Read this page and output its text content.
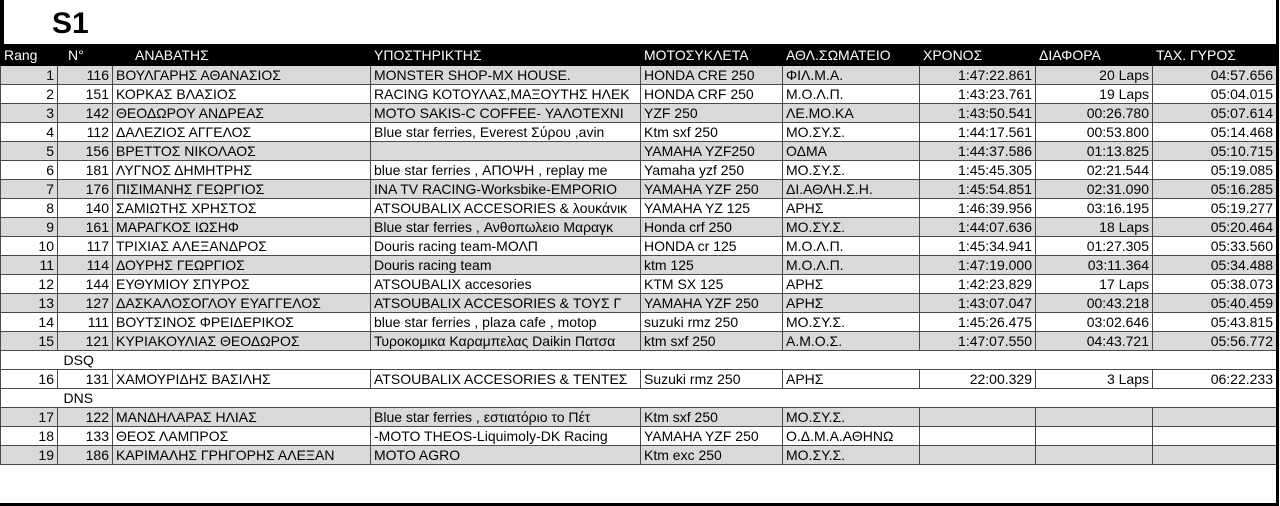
S1
Rang	N°	ΑΝΑΒΑΤΗΣ	ΥΠΟΣΤΗΡΙΚΤΗΣ	ΜΟΤΟΣΥΚΛΕΤΑ	ΑΘΛ.ΣΩΜΑΤΕΙΟ	ΧΡΟΝΟΣ	ΔΙΑΦΟΡΑ	ΤΑΧ. ΓΥΡΟΣ
1	116	ΒΟΥΛΓΑΡΗΣ ΑΘΑΝΑΣΙΟΣ	MONSTER SHOP-MX HOUSE.	HONDA CRE 250	ΦΙΛ.Μ.Α.	1:47:22.861	20 Laps	04:57.656
2	151	ΚΟΡΚΑΣ ΒΛΑΣΙΟΣ	RACING ΚΟΤΟΥΛΑΣ,ΜΑΞΟΥΤΗΣ ΗΛΕΚ	HONDA CRF 250	Μ.Ο.Λ.Π.	1:43:23.761	19 Laps	05:04.015
3	142	ΘΕΟΔΩΡΟΥ ΑΝΔΡΕΑΣ	MOTO SAKIS-C COFFEE- ΥΑΛΟΤΕΧΝΙ	YZF 250	ΛΕ.ΜΟ.ΚΑ	1:43:50.541	00:26.780	05:07.614
4	112	ΔΑΛΕΖΙΟΣ ΑΓΓΕΛΟΣ	Blue star ferries, Everest Σύρου ,avin	Ktm sxf 250	ΜΟ.ΣΥ.Σ.	1:44:17.561	00:53.800	05:14.468
5	156	ΒΡΕΤΤΟΣ ΝΙΚΟΛΑΟΣ		YAMAHA YZF250	ΟΔΜΑ	1:44:37.586	01:13.825	05:10.715
6	181	ΛΥΓΝΟΣ ΔΗΜΗΤΡΗΣ	blue star ferries , ΑΠΟΨΗ , replay me	Yamaha yzf 250	ΜΟ.ΣΥ.Σ.	1:45:45.305	02:21.544	05:19.085
7	176	ΠΙΣΙΜΑΝΗΣ ΓΕΩΡΓΙΟΣ	INA TV RACING-Worksbike-EMPORIO	YAMAHA YZF 250	ΔΙ.ΑΘΛΗ.Σ.Η.	1:45:54.851	02:31.090	05:16.285
8	140	ΣΑΜΙΩΤΗΣ ΧΡΗΣΤΟΣ	ATSOUBALIX ACCESORIES & λουκάνικ	YAMAHA YZ 125	ΑΡΗΣ	1:46:39.956	03:16.195	05:19.277
9	161	ΜΑΡΑΓΚΟΣ ΙΩΣΗΦ	Blue star ferries , Ανθοπωλειο Μαραγκ	Honda crf 250	ΜΟ.ΣΥ.Σ.	1:44:07.636	18 Laps	05:20.464
10	117	ΤΡΙΧΙΑΣ ΑΛΕΞΑΝΔΡΟΣ	Douris racing team-ΜΟΛΠ	HONDA cr 125	Μ.Ο.Λ.Π.	1:45:34.941	01:27.305	05:33.560
11	114	ΔΟΥΡΗΣ ΓΕΩΡΓΙΟΣ	Douris racing team	ktm 125	Μ.Ο.Λ.Π.	1:47:19.000	03:11.364	05:34.488
12	144	ΕΥΘΥΜΙΟΥ ΣΠΥΡΟΣ	ATSOUBALIX accesories	KTM SX 125	ΑΡΗΣ	1:42:23.829	17 Laps	05:38.073
13	127	ΔΑΣΚΑΛΟΣΟΓΛΟΥ ΕΥΑΓΓΕΛΟΣ	ATSOUBALIX ACCESORIES & ΤΟΥΣ Γ	YAMAHA YZF 250	ΑΡΗΣ	1:43:07.047	00:43.218	05:40.459
14	111	ΒΟΥΤΣΙΝΟΣ ΦΡΕΙΔΕΡΙΚΟΣ	blue star ferries , plaza cafe , motop	suzuki rmz 250	ΜΟ.ΣΥ.Σ.	1:45:26.475	03:02.646	05:43.815
15	121	ΚΥΡΙΑΚΟΥΛΙΑΣ ΘΕΟΔΩΡΟΣ	Τυροκομικα Καραμπελας Daikin Πατσα	ktm sxf 250	Α.Μ.Ο.Σ.	1:47:07.550	04:43.721	05:56.772
	DSQ							
16	131	ΧΑΜΟΥΡΙΔΗΣ ΒΑΣΙΛΗΣ	ATSOUBALIX ACCESORIES & ΤΕΝΤΕΣ	Suzuki rmz 250	ΑΡΗΣ	22:00.329	3 Laps	06:22.233
	DNS							
17	122	ΜΑΝΔΗΛΑΡΑΣ ΗΛΙΑΣ	Blue star ferries , εστιατόριο το Πέτ	Ktm sxf 250	ΜΟ.ΣΥ.Σ.			
18	133	ΘΕΟΣ ΛΑΜΠΡΟΣ	-MOTO THEOS-Liquimoly-DK Racing	YAMAHA YZF 250	Ο.Δ.Μ.Α.ΑΘΗΝΩ			
19	186	ΚΑΡΙΜΑΛΗΣ ΓΡΗΓΟΡΗΣ ΑΛΕΞΑΝ	MOTO AGRO	Ktm exc 250	ΜΟ.ΣΥ.Σ.			
